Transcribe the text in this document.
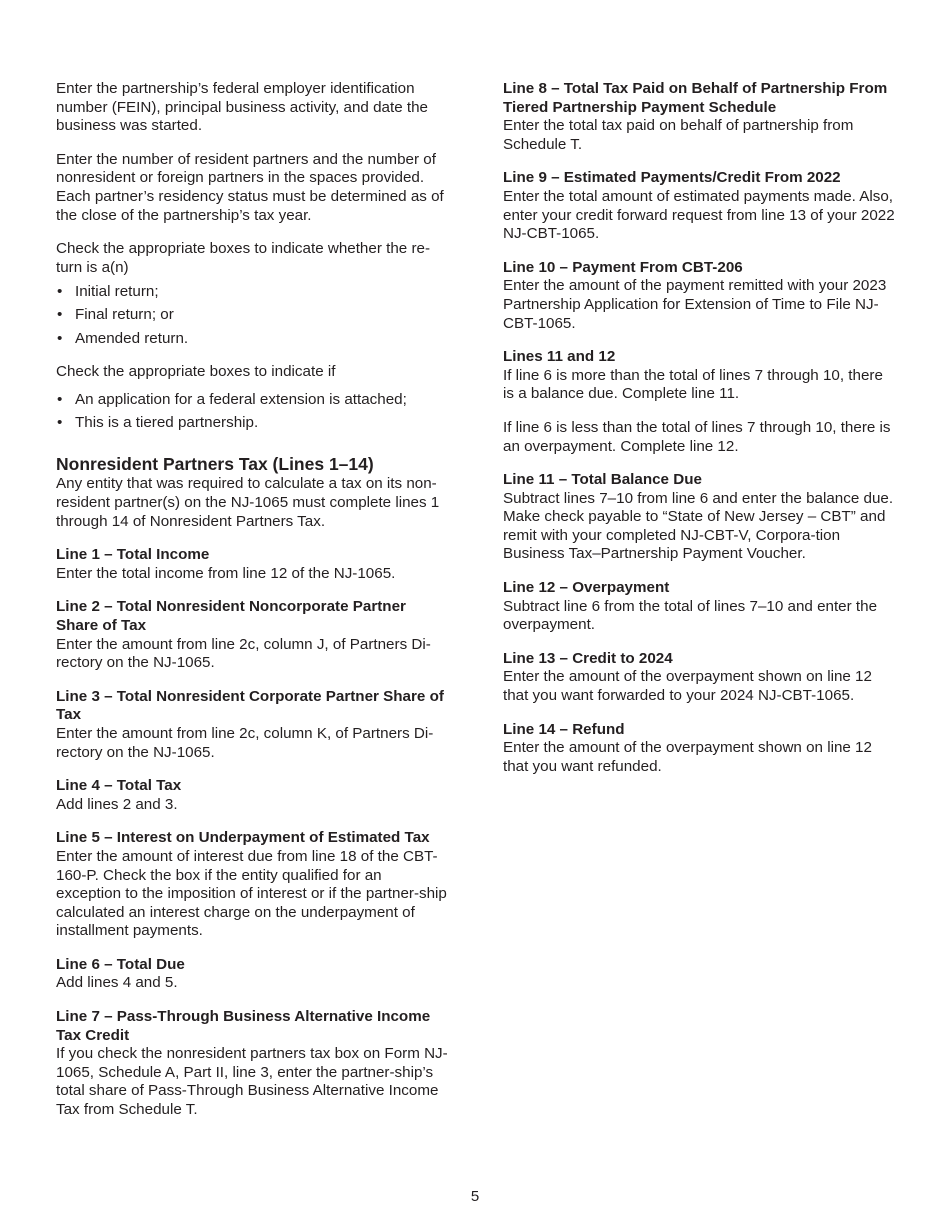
Enter the partnership’s federal employer identification number (FEIN), principal business activity, and date the business was started.

Enter the number of resident partners and the number of nonresident or foreign partners in the spaces provided. Each partner’s residency status must be determined as of the close of the partnership’s tax year.

Check the appropriate boxes to indicate whether the re-turn is a(n)

• Initial return;
• Final return; or
• Amended return.

Check the appropriate boxes to indicate if

• An application for a federal extension is attached;
• This is a tiered partnership.
Nonresident Partners Tax (Lines 1–14)

Any entity that was required to calculate a tax on its non-resident partner(s) on the NJ-1065 must complete lines 1 through 14 of Nonresident Partners Tax.

Line 1 – Total Income

Enter the total income from line 12 of the NJ-1065.

Line 2 – Total Nonresident Noncorporate Partner Share of Tax

Enter the amount from line 2c, column J, of Partners Di-rectory on the NJ-1065.

Line 3 – Total Nonresident Corporate Partner Share of Tax

Enter the amount from line 2c, column K, of Partners Di-rectory on the NJ-1065.

Line 4 – Total Tax

Add lines 2 and 3.

Line 5 – Interest on Underpayment of Estimated Tax

Enter the amount of interest due from line 18 of the CBT-160-P. Check the box if the entity qualified for an exception to the imposition of interest or if the partner-ship calculated an interest charge on the underpayment of installment payments.

Line 6 – Total Due

Add lines 4 and 5.

Line 7 – Pass-Through Business Alternative Income Tax Credit

If you check the nonresident partners tax box on Form NJ-1065, Schedule A, Part II, line 3, enter the partner-ship’s total share of Pass-Through Business Alternative Income Tax from Schedule T.

Line 8 – Total Tax Paid on Behalf of Partnership From Tiered Partnership Payment Schedule

Enter the total tax paid on behalf of partnership from Schedule T.

Line 9 – Estimated Payments/Credit From 2022

Enter the total amount of estimated payments made. Also, enter your credit forward request from line 13 of your 2022 NJ-CBT-1065.

Line 10 – Payment From CBT-206

Enter the amount of the payment remitted with your 2023 Partnership Application for Extension of Time to File NJ-CBT-1065.

Lines 11 and 12

If line 6 is more than the total of lines 7 through 10, there is a balance due. Complete line 11.

If line 6 is less than the total of lines 7 through 10, there is an overpayment. Complete line 12.

Line 11 – Total Balance Due

Subtract lines 7–10 from line 6 and enter the balance due. Make check payable to “State of New Jersey – CBT” and remit with your completed NJ-CBT-V, Corpora-tion Business Tax–Partnership Payment Voucher.

Line 12 – Overpayment

Subtract line 6 from the total of lines 7–10 and enter the overpayment.

Line 13 – Credit to 2024

Enter the amount of the overpayment shown on line 12 that you want forwarded to your 2024 NJ-CBT-1065.

Line 14 – Refund

Enter the amount of the overpayment shown on line 12 that you want refunded.

5
